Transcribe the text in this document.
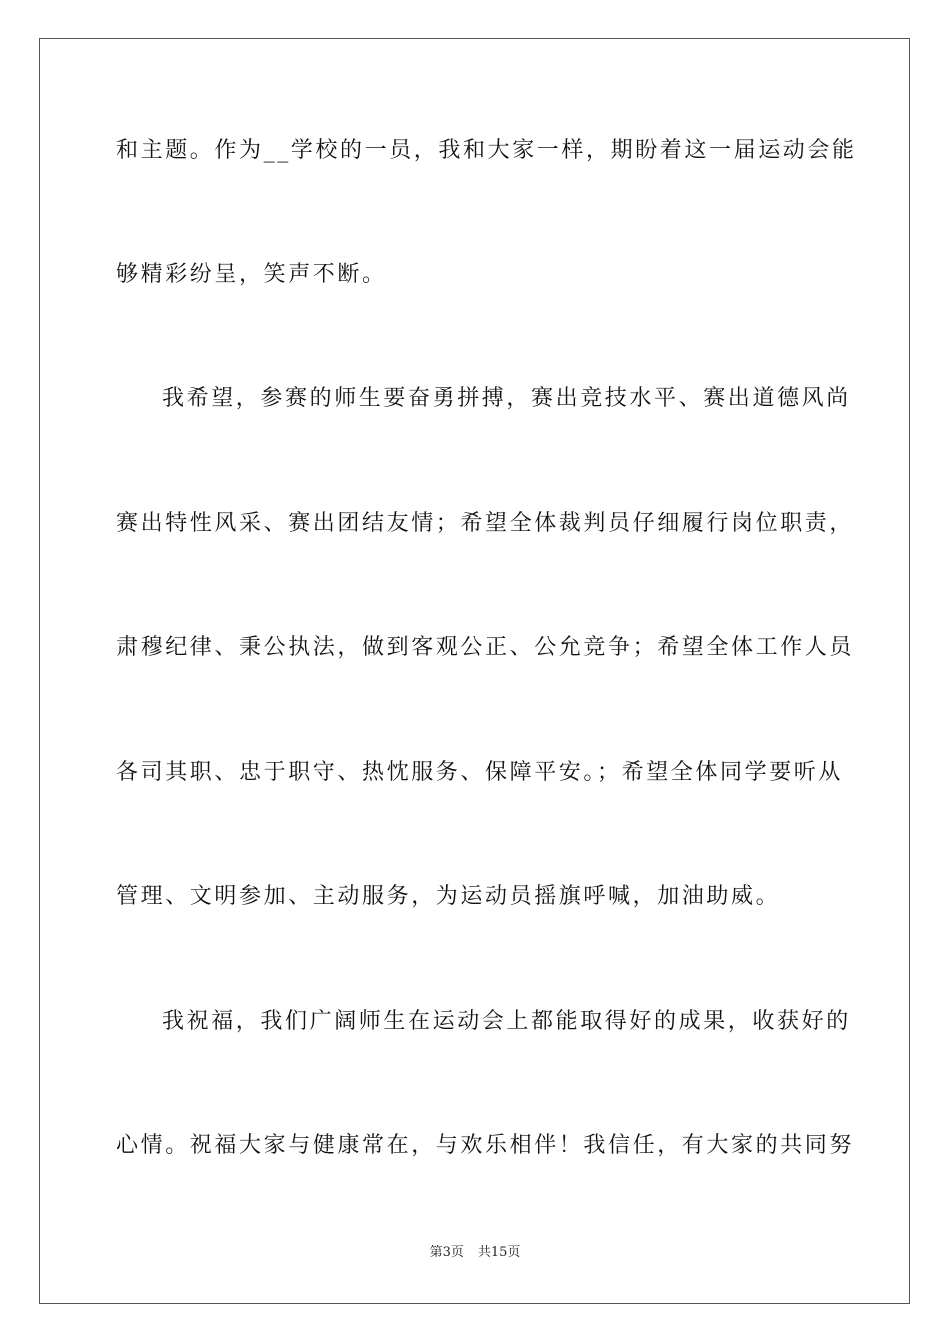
和主题。作为__学校的一员，我和大家一样，期盼着这一届运动会能
够精彩纷呈，笑声不断。
我希望，参赛的师生要奋勇拼搏，赛出竞技水平、赛出道德风尚
赛出特性风采、赛出团结友情；希望全体裁判员仔细履行岗位职责，
肃穆纪律、秉公执法，做到客观公正、公允竞争；希望全体工作人员
各司其职、忠于职守、热忱服务、保障平安。；希望全体同学要听从
管理、文明参加、主动服务，为运动员摇旗呼喊，加油助威。
我祝福，我们广阔师生在运动会上都能取得好的成果，收获好的
心情。祝福大家与健康常在，与欢乐相伴！我信任，有大家的共同努
第3页 共15页
